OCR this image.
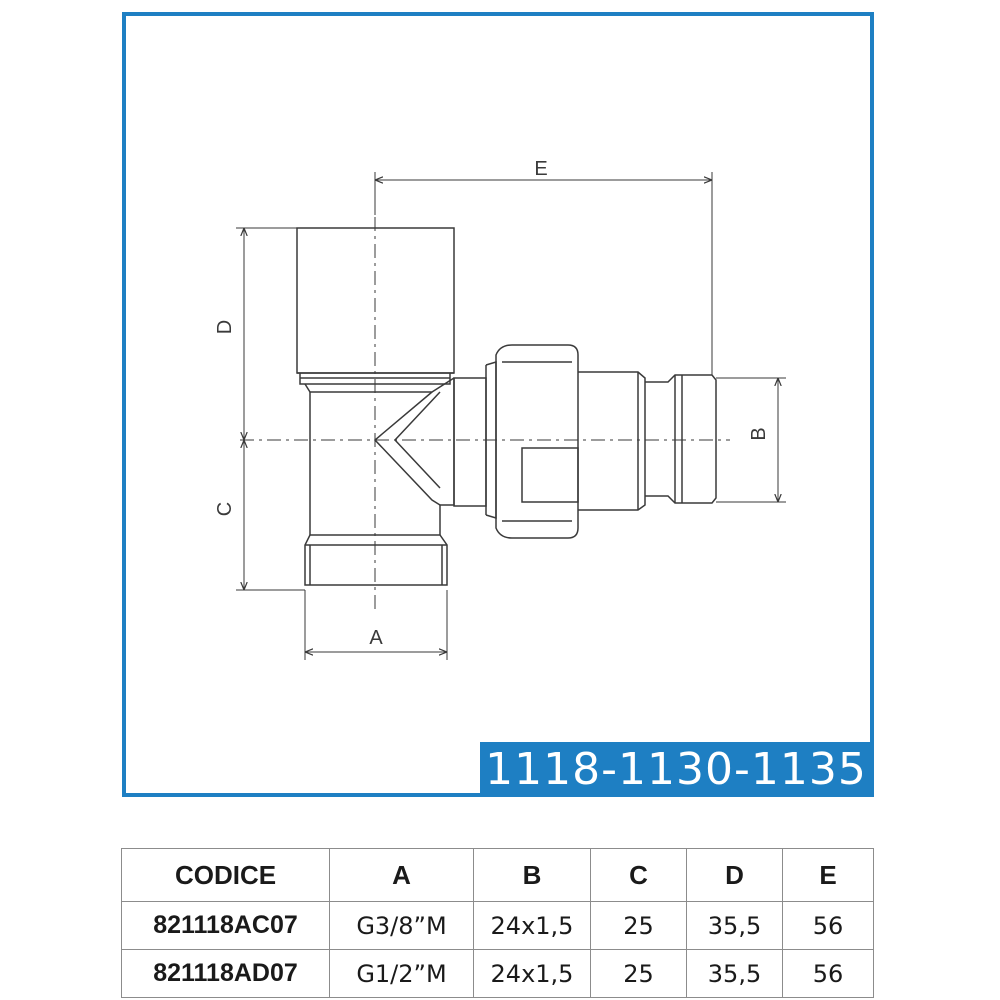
E
A
D
C
B
1118-1130-1135
CODICE	A	B	C	D	E
821118AC07	G3/8”M	24x1,5	25	35,5	56
821118AD07	G1/2”M	24x1,5	25	35,5	56
